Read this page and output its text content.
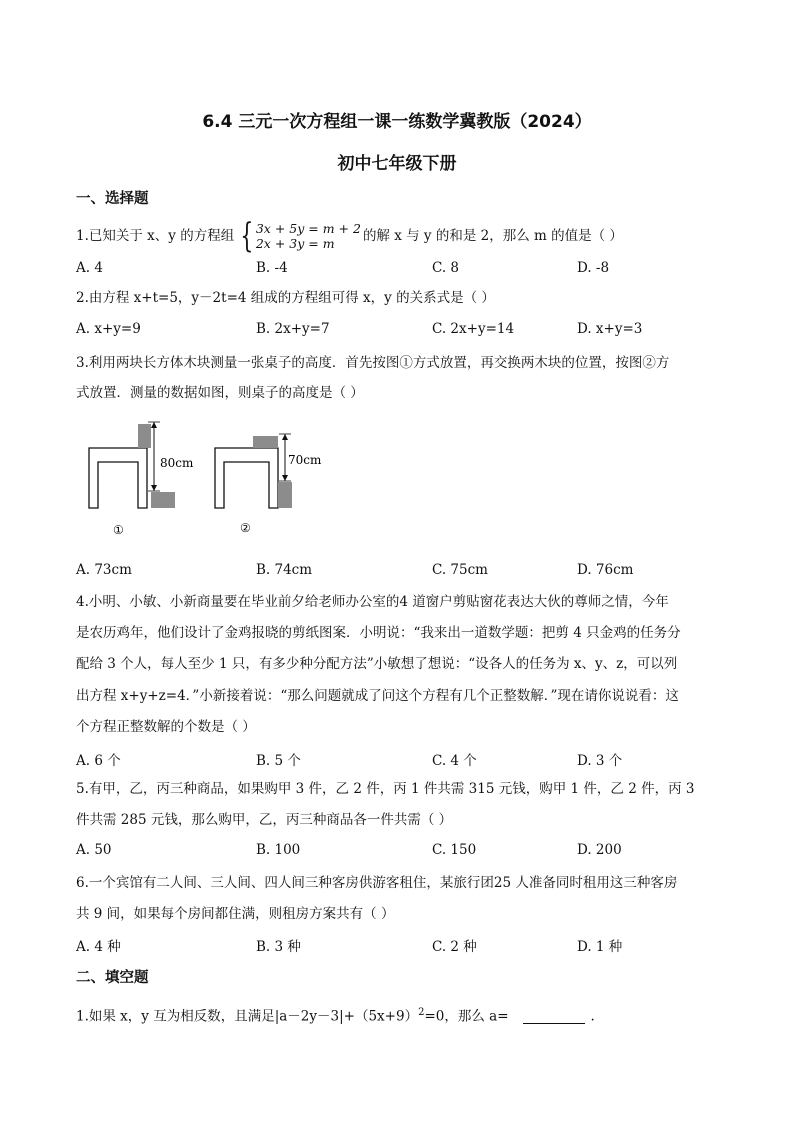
6.4 三元一次方程组一课一练数学冀教版（2024）
初中七年级下册
一、选择题
1.已知关于 x、y 的方程组 { 3x + 5y = m + 2
2x + 3y = m	的解 x 与 y 的和是 2，那么 m 的值是（ ）
A. 4	B. -4	C. 8	D. -8
2.由方程 x+t=5，y－2t=4 组成的方程组可得 x，y 的关系式是（ ）
A. x+y=9	B. 2x+y=7	C. 2x+y=14	D. x+y=3
3.利用两块长方体木块测量一张桌子的高度．首先按图①方式放置，再交换两木块的位置，按图②方
式放置．测量的数据如图，则桌子的高度是（ ）
80cm
①
70cm
②
A. 73cm	B. 74cm	C. 75cm	D. 76cm
4.小明、小敏、小新商量要在毕业前夕给老师办公室的4 道窗户剪贴窗花表达大伙的尊师之情，今年
是农历鸡年，他们设计了金鸡报晓的剪纸图案．小明说：“我来出一道数学题：把剪 4 只金鸡的任务分
配给 3 个人，每人至少 1 只，有多少种分配方法”小敏想了想说：“设各人的任务为 x、y、z，可以列
出方程 x+y+z=4．”小新接着说：“那么问题就成了问这个方程有几个正整数解．”现在请你说说看：这
个方程正整数解的个数是（ ）
A. 6 个	B. 5 个	C. 4 个	D. 3 个
5.有甲，乙，丙三种商品，如果购甲 3 件，乙 2 件，丙 1 件共需 315 元钱，购甲 1 件，乙 2 件，丙 3
件共需 285 元钱，那么购甲，乙，丙三种商品各一件共需（ ）
A. 50	B. 100	C. 150	D. 200
6.一个宾馆有二人间、三人间、四人间三种客房供游客租住，某旅行团25 人准备同时租用这三种客房
共 9 间，如果每个房间都住满，则租房方案共有（ ）
A. 4 种	B. 3 种	C. 2 种	D. 1 种
二、填空题
1.如果 x，y 互为相反数，且满足$|a-2y-3|+(5x+9)^2=0$，那么 a=	.
